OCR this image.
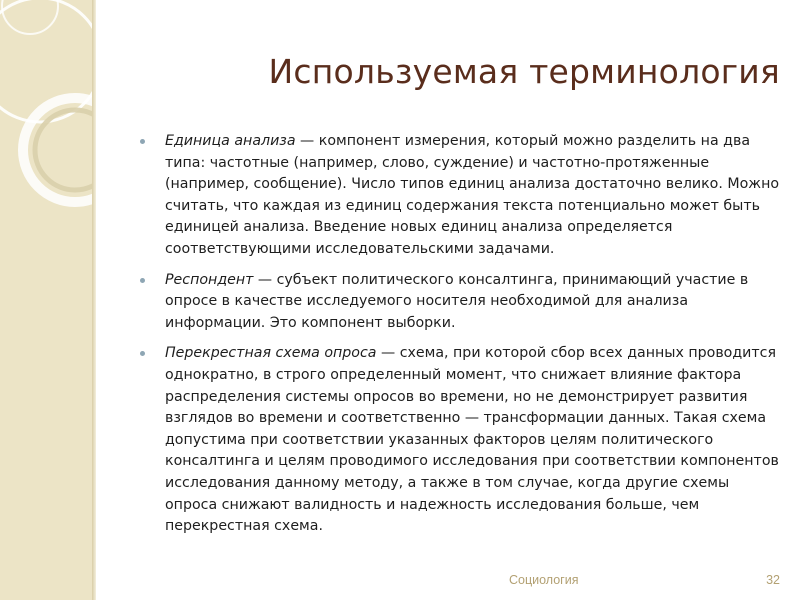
Используемая терминология
Единица анализа — компонент измерения, который можно разделить на два типа: частотные (например, слово, суждение) и частотно-протяженные (например, сообщение). Число типов единиц анализа достаточно велико. Можно считать, что каждая из единиц содержания текста потенциально может быть единицей анализа. Введение новых единиц анализа определяется соответствующими исследовательскими задачами.
Респондент — субъект политического консалтинга, принимающий участие в опросе в качестве исследуемого носителя необходимой для анализа информации. Это компонент выборки.
Перекрестная схема опроса — схема, при которой сбор всех данных проводится однократно, в строго определенный момент, что снижает влияние фактора распределения системы опросов во времени, но не демонстрирует развития взглядов во времени и соответственно — трансформации данных. Такая схема допустима при соответствии указанных факторов целям политического консалтинга и целям проводимого исследования при соответствии компонентов исследования данному методу, а также в том случае, когда другие схемы опроса снижают валидность и надежность исследования больше, чем перекрестная схема.
Социология	32
